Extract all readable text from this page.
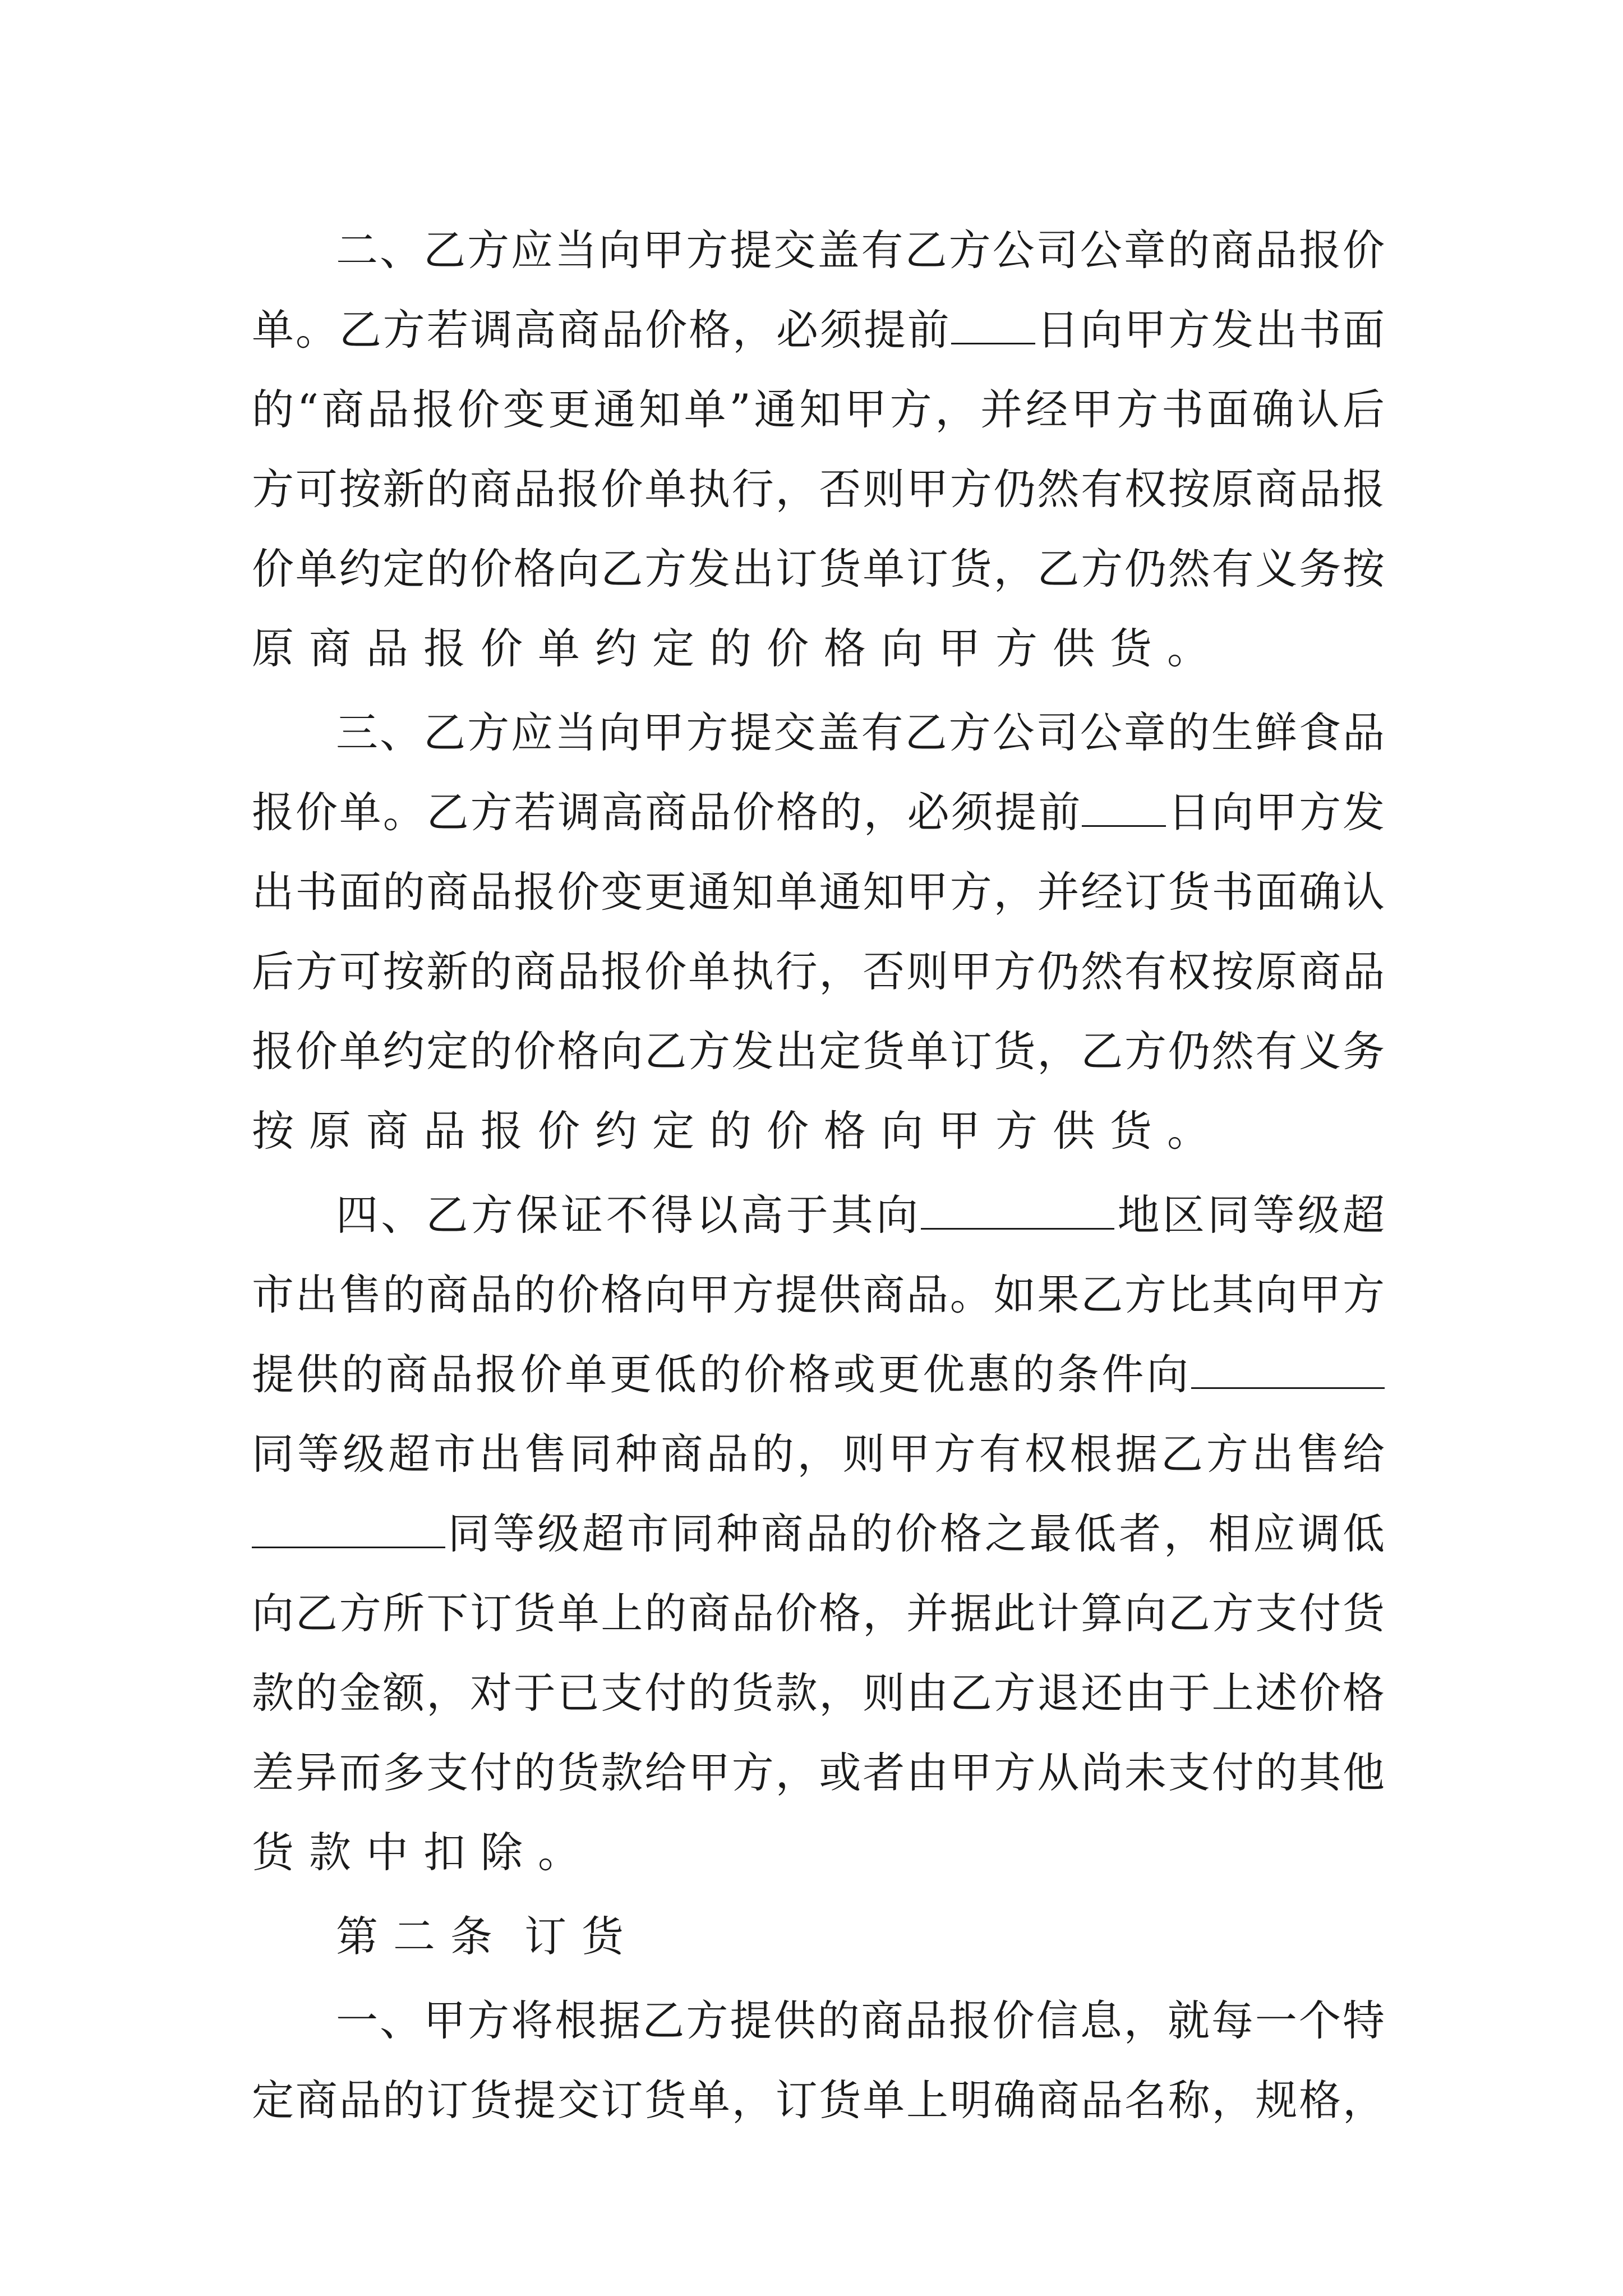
二、乙方应当向甲方提交盖有乙方公司公章的商品报价
单。乙方若调高商品价格，必须提前 日向甲方发出书面
的“商品报价变更通知单”通知甲方，并经甲方书面确认后
方可按新的商品报价单执行，否则甲方仍然有权按原商品报
价单约定的价格向乙方发出订货单订货，乙方仍然有义务按
原商品报价单约定的价格向甲方供货。
三、乙方应当向甲方提交盖有乙方公司公章的生鲜食品
报价单。乙方若调高商品价格的，必须提前 日向甲方发
出书面的商品报价变更通知单通知甲方，并经订货书面确认
后方可按新的商品报价单执行，否则甲方仍然有权按原商品
报价单约定的价格向乙方发出定货单订货，乙方仍然有义务
按原商品报价约定的价格向甲方供货。
四、乙方保证不得以高于其向	地区同等级超
市出售的商品的价格向甲方提供商品。如果乙方比其向甲方
提供的商品报价单更低的价格或更优惠的条件向
同等级超市出售同种商品的，则甲方有权根据乙方出售给
同等级超市同种商品的价格之最低者，相应调低
向乙方所下订货单上的商品价格，并据此计算向乙方支付货
款的金额，对于已支付的货款，则由乙方退还由于上述价格
差异而多支付的货款给甲方，或者由甲方从尚未支付的其他
货款中扣除。
第二条 订货
一、甲方将根据乙方提供的商品报价信息，就每一个特
定商品的订货提交订货单，订货单上明确商品名称，规格，
